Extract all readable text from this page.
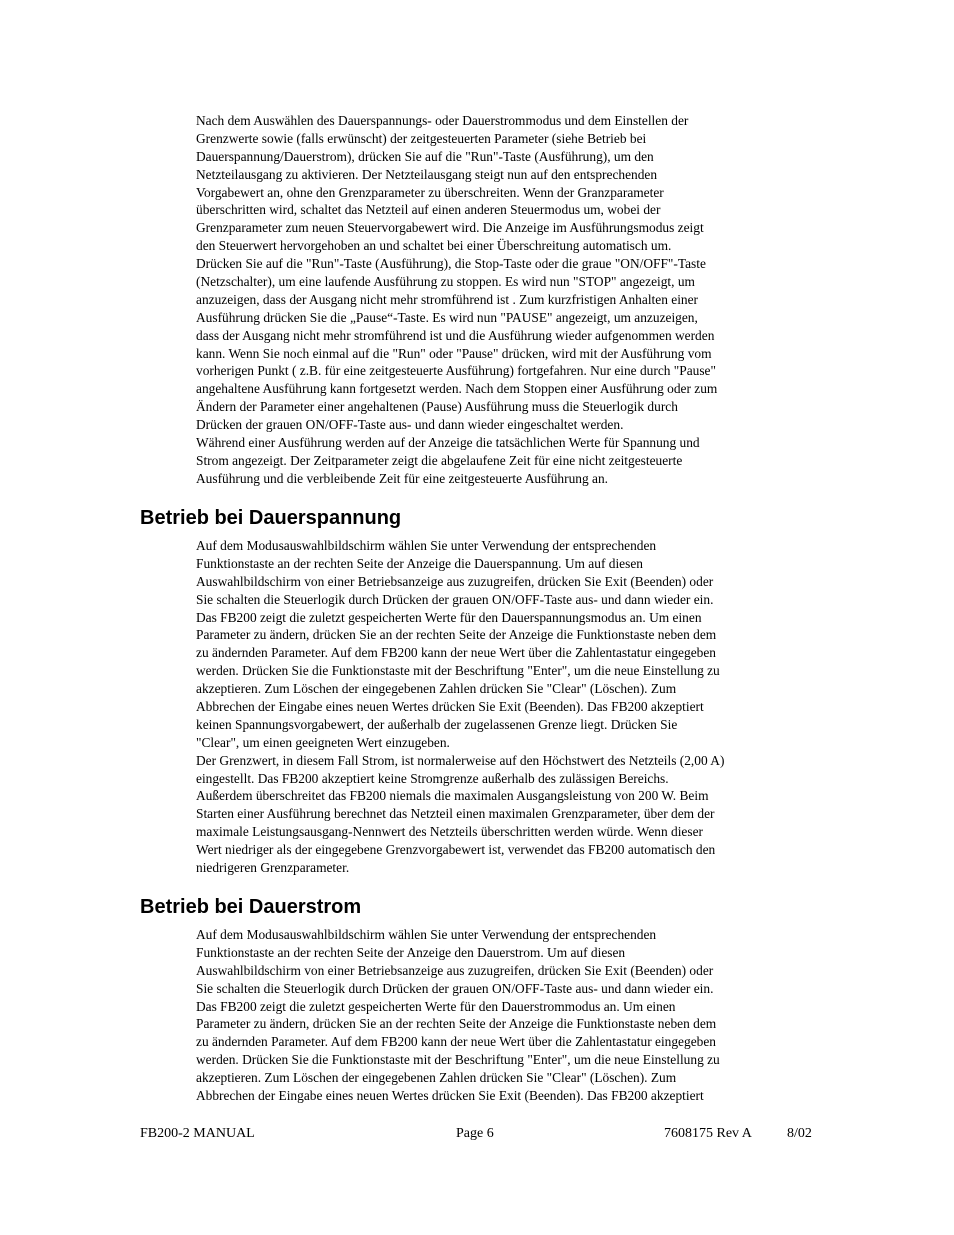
Nach dem Auswählen des Dauerspannungs- oder Dauerstrommodus und dem Einstellen der
Grenzwerte sowie (falls erwünscht) der zeitgesteuerten Parameter (siehe Betrieb bei
Dauerspannung/Dauerstrom), drücken Sie auf die "Run"-Taste (Ausführung), um den
Netzteilausgang zu aktivieren. Der Netzteilausgang steigt nun auf den entsprechenden
Vorgabewert an, ohne den Grenzparameter zu überschreiten. Wenn der Granzparameter
überschritten wird, schaltet das Netzteil auf einen anderen Steuermodus um, wobei der
Grenzparameter zum neuen Steuervorgabewert wird. Die Anzeige im Ausführungsmodus zeigt
den Steuerwert hervorgehoben an und schaltet bei einer Überschreitung automatisch um.
Drücken Sie auf die "Run"-Taste (Ausführung), die Stop-Taste oder die graue "ON/OFF"-Taste
(Netzschalter), um eine laufende Ausführung zu stoppen. Es wird nun "STOP" angezeigt, um
anzuzeigen, dass der Ausgang nicht mehr stromführend ist . Zum kurzfristigen Anhalten einer
Ausführung drücken Sie die „Pause“-Taste. Es wird nun "PAUSE" angezeigt, um anzuzeigen,
dass der Ausgang nicht mehr stromführend ist und die Ausführung wieder aufgenommen werden
kann. Wenn Sie noch einmal auf die "Run" oder "Pause" drücken, wird mit der Ausführung vom
vorherigen Punkt ( z.B. für eine zeitgesteuerte Ausführung) fortgefahren. Nur eine durch "Pause"
angehaltene Ausführung kann fortgesetzt werden. Nach dem Stoppen einer Ausführung oder zum
Ändern der Parameter einer angehaltenen (Pause) Ausführung muss die Steuerlogik durch
Drücken der grauen ON/OFF-Taste aus- und dann wieder eingeschaltet werden.
Während einer Ausführung werden auf der Anzeige die tatsächlichen Werte für Spannung und
Strom angezeigt. Der Zeitparameter zeigt die abgelaufene Zeit für eine nicht zeitgesteuerte
Ausführung und die verbleibende Zeit für eine zeitgesteuerte Ausführung an.
Betrieb bei Dauerspannung
Auf dem Modusauswahlbildschirm wählen Sie unter Verwendung der entsprechenden
Funktionstaste an der rechten Seite der Anzeige die Dauerspannung. Um auf diesen
Auswahlbildschirm von einer Betriebsanzeige aus zuzugreifen, drücken Sie Exit (Beenden) oder
Sie schalten die Steuerlogik durch Drücken der grauen ON/OFF-Taste aus- und dann wieder ein.
Das FB200 zeigt die zuletzt gespeicherten Werte für den Dauerspannungsmodus an. Um einen
Parameter zu ändern, drücken Sie an der rechten Seite der Anzeige die Funktionstaste neben dem
zu ändernden Parameter. Auf dem FB200 kann der neue Wert über die Zahlentastatur eingegeben
werden. Drücken Sie die Funktionstaste mit der Beschriftung "Enter", um die neue Einstellung zu
akzeptieren. Zum Löschen der eingegebenen Zahlen drücken Sie "Clear" (Löschen). Zum
Abbrechen der Eingabe eines neuen Wertes drücken Sie Exit (Beenden). Das FB200 akzeptiert
keinen Spannungsvorgabewert, der außerhalb der zugelassenen Grenze liegt. Drücken Sie
"Clear", um einen geeigneten Wert einzugeben.
Der Grenzwert, in diesem Fall Strom, ist normalerweise auf den Höchstwert des Netzteils (2,00 A)
eingestellt. Das FB200 akzeptiert keine Stromgrenze außerhalb des zulässigen Bereichs.
Außerdem überschreitet das FB200 niemals die maximalen Ausgangsleistung von 200 W. Beim
Starten einer Ausführung berechnet das Netzteil einen maximalen Grenzparameter, über dem der
maximale Leistungsausgang-Nennwert des Netzteils überschritten werden würde. Wenn dieser
Wert niedriger als der eingegebene Grenzvorgabewert ist, verwendet das FB200 automatisch den
niedrigeren Grenzparameter.
Betrieb bei Dauerstrom
Auf dem Modusauswahlbildschirm wählen Sie unter Verwendung der entsprechenden
Funktionstaste an der rechten Seite der Anzeige den Dauerstrom. Um auf diesen
Auswahlbildschirm von einer Betriebsanzeige aus zuzugreifen, drücken Sie Exit (Beenden) oder
Sie schalten die Steuerlogik durch Drücken der grauen ON/OFF-Taste aus- und dann wieder ein.
Das FB200 zeigt die zuletzt gespeicherten Werte für den Dauerstrommodus an. Um einen
Parameter zu ändern, drücken Sie an der rechten Seite der Anzeige die Funktionstaste neben dem
zu ändernden Parameter. Auf dem FB200 kann der neue Wert über die Zahlentastatur eingegeben
werden. Drücken Sie die Funktionstaste mit der Beschriftung "Enter", um die neue Einstellung zu
akzeptieren. Zum Löschen der eingegebenen Zahlen drücken Sie "Clear" (Löschen). Zum
Abbrechen der Eingabe eines neuen Wertes drücken Sie Exit (Beenden). Das FB200 akzeptiert
FB200-2 MANUAL	Page 6	7608175 Rev A	8/02
